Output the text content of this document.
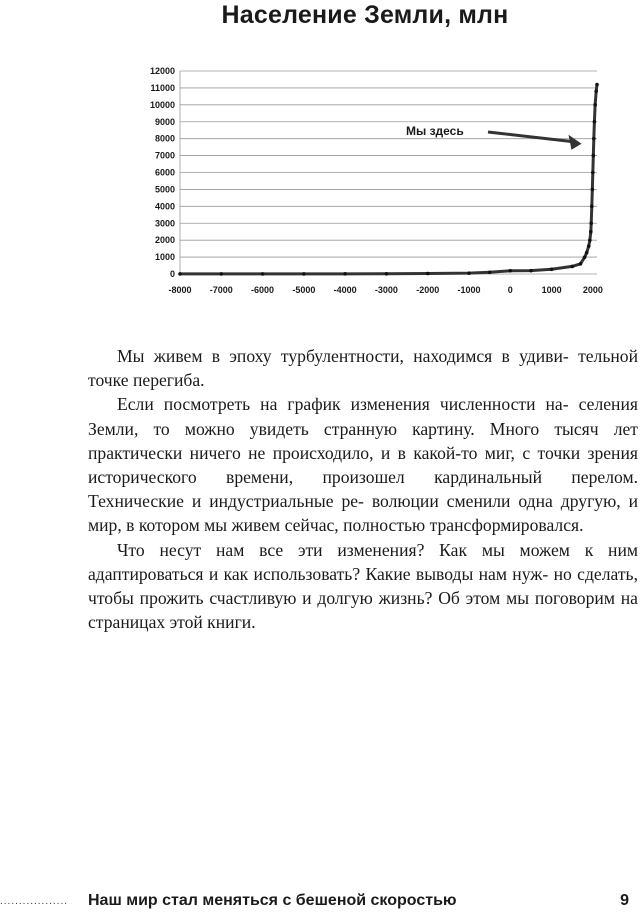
Население Земли, млн
0
1000
2000
3000
4000
5000
6000
7000
8000
9000
10000
11000
12000
-8000 -7000 -6000 -5000 -4000 -3000 -2000 -1000	0	1000 2000
Мы здесь

Мы живем в эпоху турбулентности, находимся в удиви- тельной точке перегиба.

Если посмотреть на график изменения численности на- селения Земли, то можно увидеть странную картину. Много тысяч лет практически ничего не происходило, и в какой-то миг, с точки зрения исторического времени, произошел кардинальный перелом. Технические и индустриальные ре- волюции сменили одна другую, и мир, в котором мы живем сейчас, полностью трансформировался.

Что несут нам все эти изменения? Как мы можем к ним адаптироваться и как использовать? Какие выводы нам нуж- но сделать, чтобы прожить счастливую и долгую жизнь? Об этом мы поговорим на страницах этой книги.

..................	Наш мир стал меняться с бешеной скоростью	9
